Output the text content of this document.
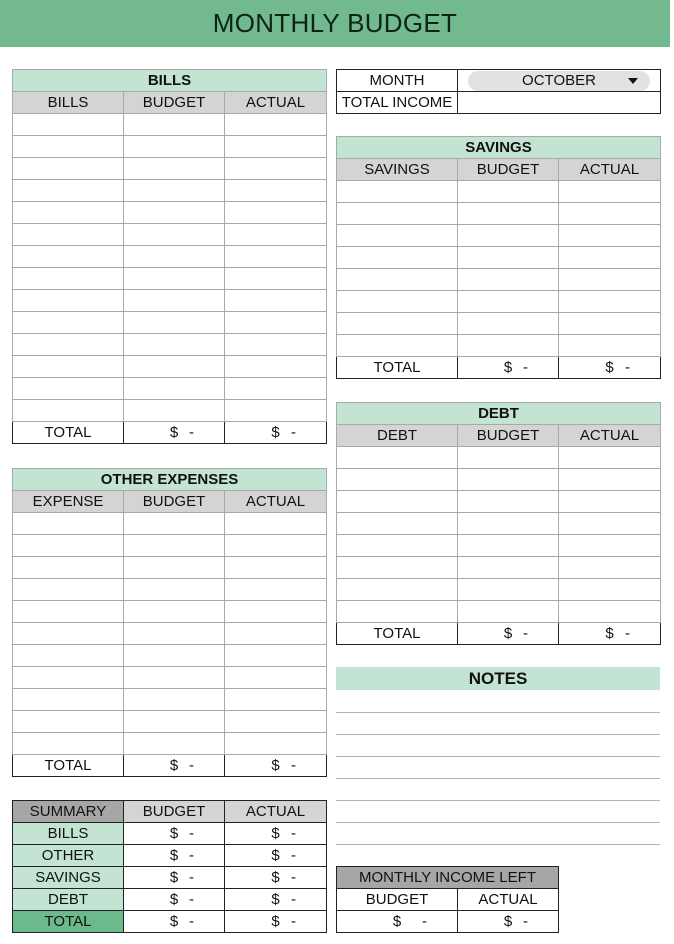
MONTHLY BUDGET
BILLS		
BILLS	BUDGET	ACTUAL

TOTAL	$ -	$ -
OTHER EXPENSES		
EXPENSE	BUDGET	ACTUAL

TOTAL	$ -	$ -
SUMMARY	BUDGET	ACTUAL
BILLS	$ -	$ -

OTHER	$ -	$ -

SAVINGS	$ -	$ -

DEBT	$ -	$ -

TOTAL	$ -	$ -
MONTH	OCTOBER

TOTAL INCOME	
SAVINGS		
SAVINGS	BUDGET	ACTUAL

TOTAL	$ -	$ -
DEBT		
DEBT	BUDGET	ACTUAL

TOTAL	$ -	$ -
NOTES
MONTHLY INCOME LEFT	
BUDGET	ACTUAL
$ -	$ -
